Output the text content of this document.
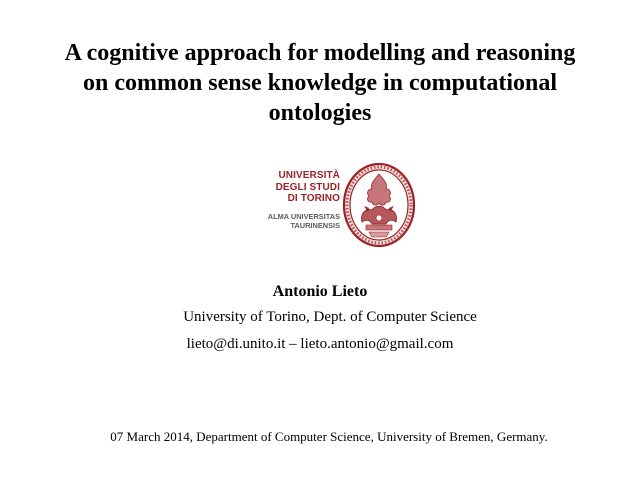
A cognitive approach for modelling and reasoning
on common sense knowledge in computational
ontologies
UNIVERSITÀ
DEGLI STUDI
DI TORINO
ALMA UNIVERSITAS
TAURINENSIS
Antonio Lieto
University of Torino, Dept. of Computer Science
lieto@di.unito.it – lieto.antonio@gmail.com
07 March 2014, Department of Computer Science, University of Bremen, Germany.
